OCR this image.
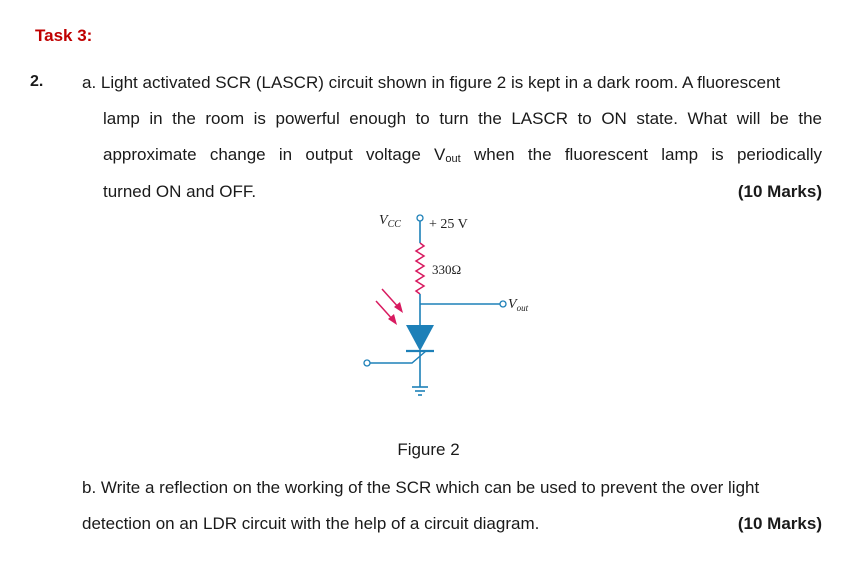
Task 3:
2. a. Light activated SCR (LASCR) circuit shown in figure 2 is kept in a dark room. A fluorescent
lamp in the room is powerful enough to turn the LASCR to ON state. What will be the
approximate change in output voltage Vout when the fluorescent lamp is periodically
turned ON and OFF.	(10 Marks)
$V_{CC} + 25$ V
330Ω
$V_{out}$
Figure 2
b. Write a reflection on the working of the SCR which can be used to prevent the over light
detection on an LDR circuit with the help of a circuit diagram.	(10 Marks)
